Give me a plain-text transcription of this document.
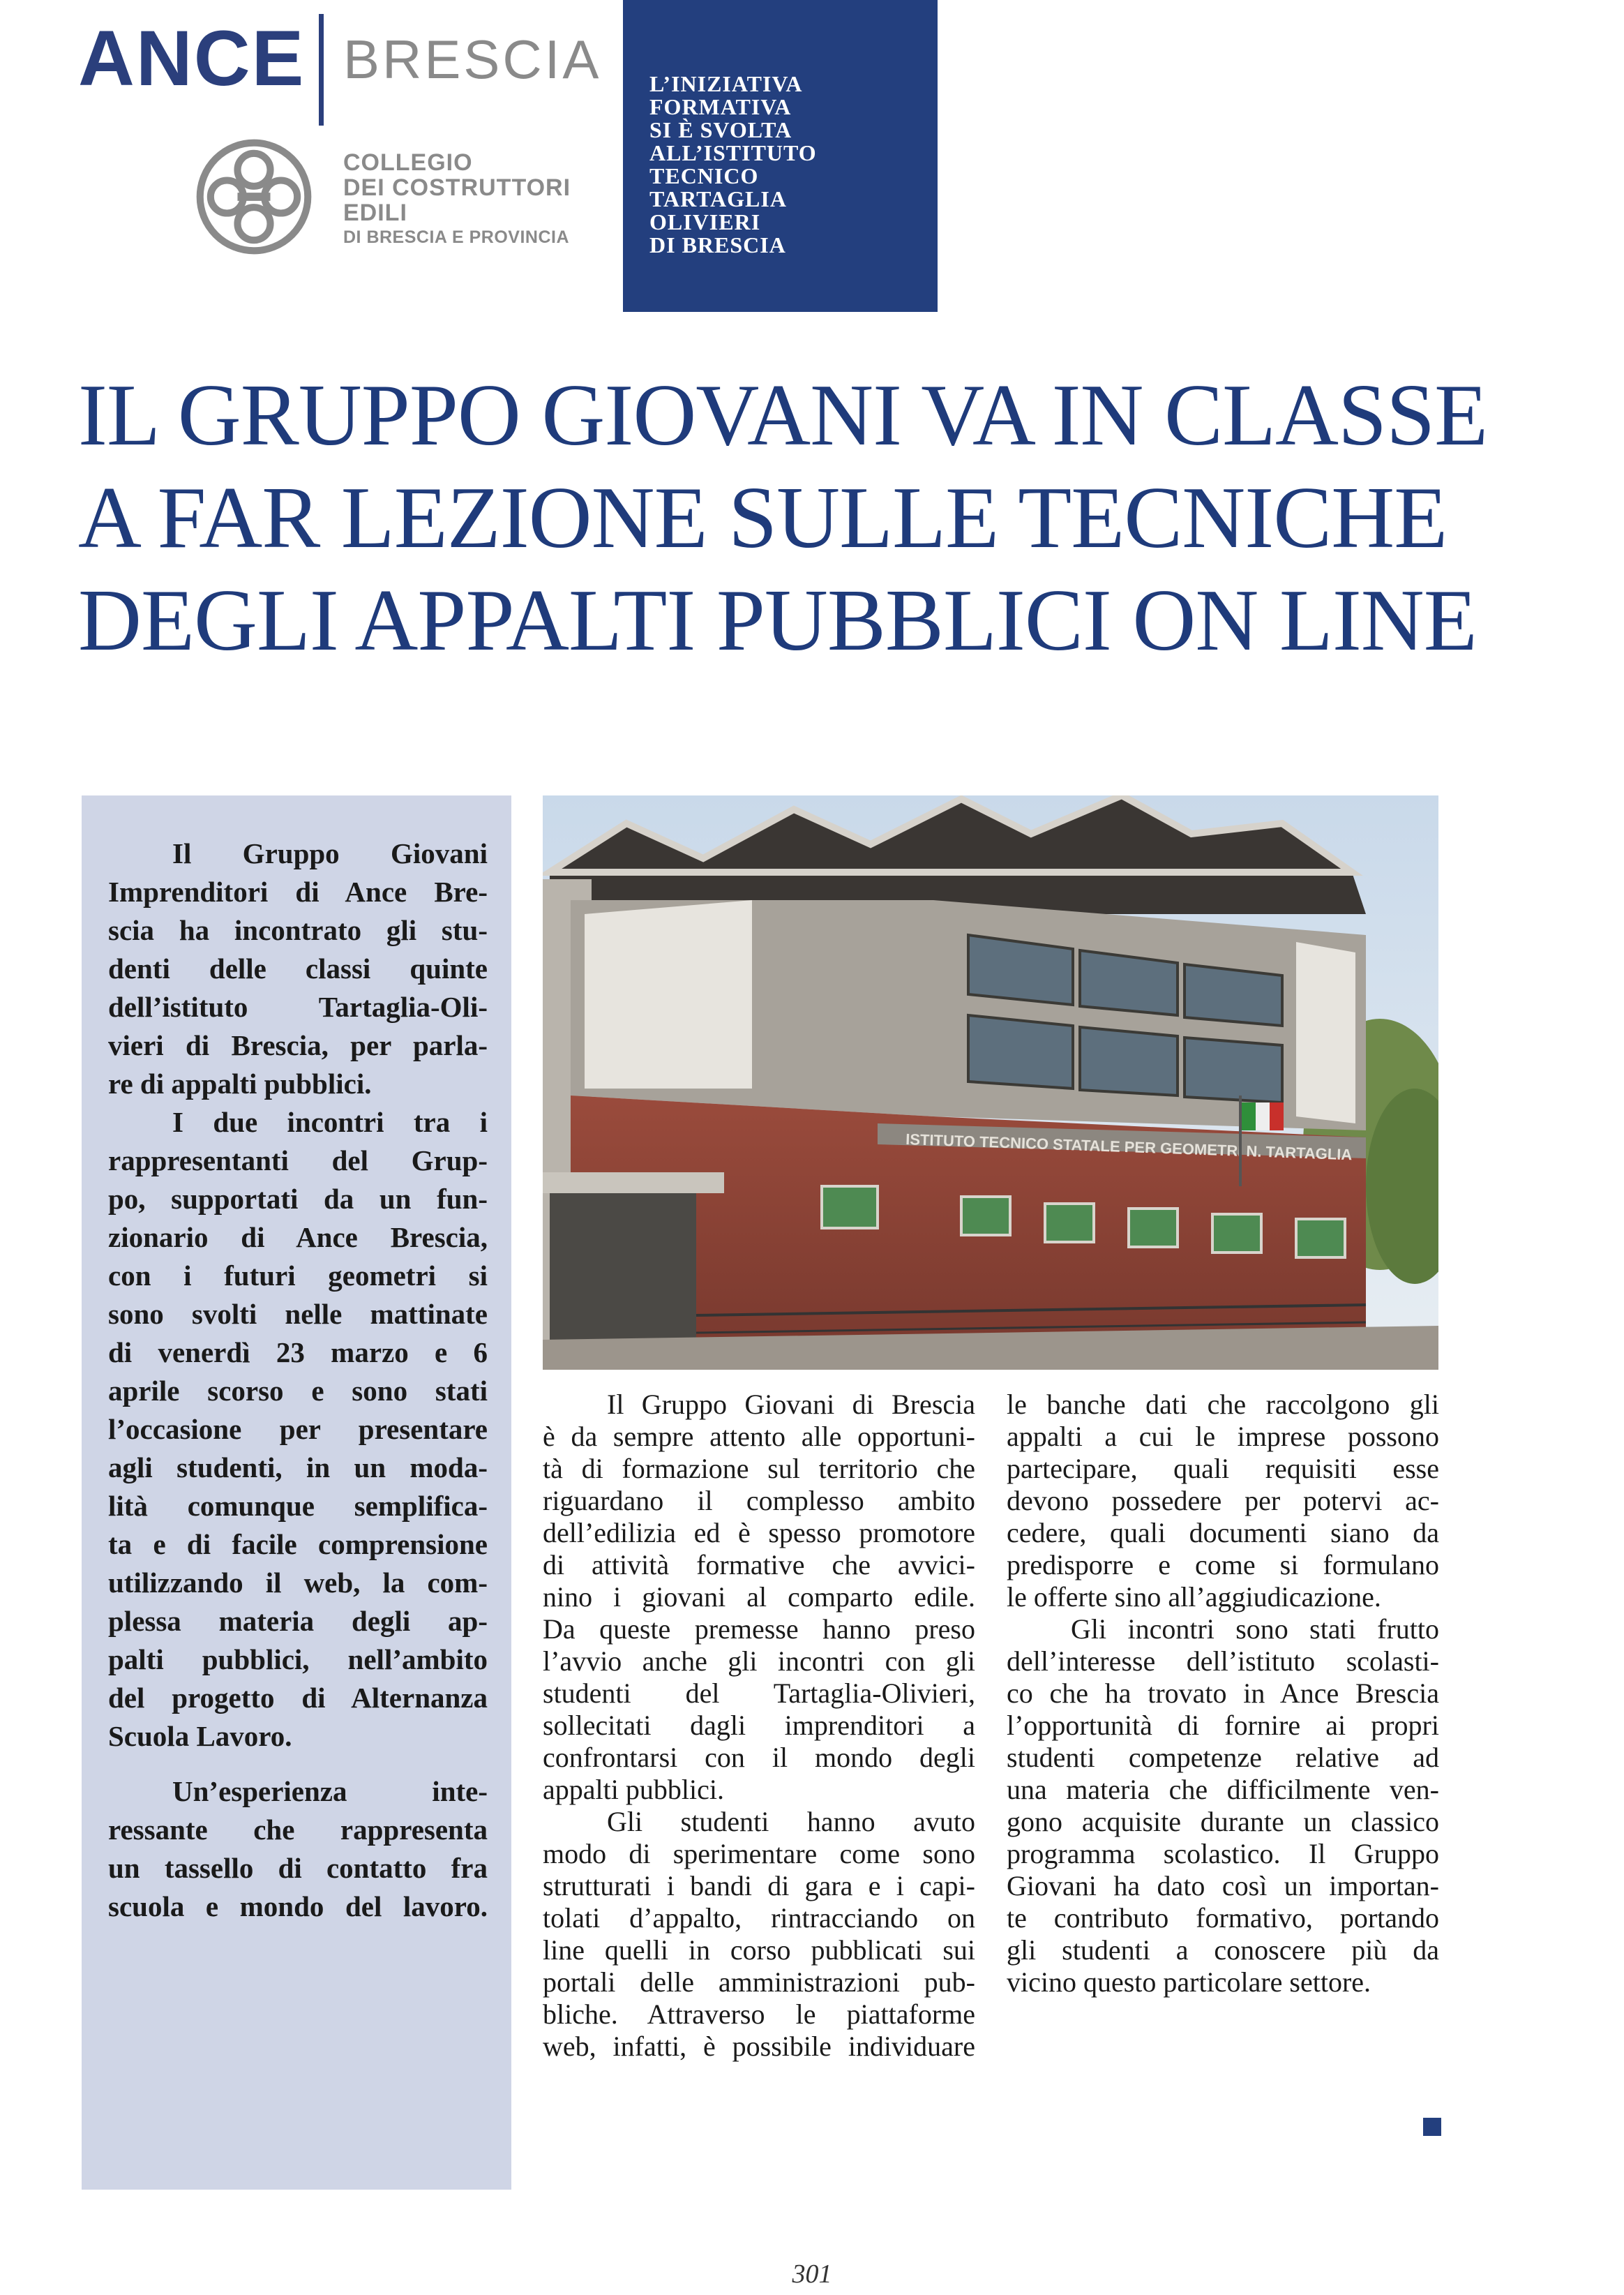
ANCE BRESCIA
COLLEGIO
DEI COSTRUTTORI
EDILI
DI BRESCIA E PROVINCIA
L’INIZIATIVA
FORMATIVA
SI È SVOLTA
ALL’ISTITUTO
TECNICO
TARTAGLIA
OLIVIERI
DI BRESCIA
IL GRUPPO GIOVANI VA IN CLASSE
A FAR LEZIONE SULLE TECNICHE
DEGLI APPALTI PUBBLICI ON LINE
Il Gruppo Giovani
Imprenditori di Ance Bre-
scia ha incontrato gli stu-
denti delle classi quinte
dell’istituto Tartaglia-Oli-
vieri di Brescia, per parla-
re di appalti pubblici.
I due incontri tra i
rappresentanti del Grup-
po, supportati da un fun-
zionario di Ance Brescia,
con i futuri geometri si
sono svolti nelle mattinate
di venerdì 23 marzo e 6
aprile scorso e sono stati
l’occasione per presentare
agli studenti, in un moda-
lità comunque semplifica-
ta e di facile comprensione
utilizzando il web, la com-
plessa materia degli ap-
palti pubblici, nell’ambito
del progetto di Alternanza
Scuola Lavoro.
Un’esperienza inte-
ressante che rappresenta
un tassello di contatto fra
scuola e mondo del lavoro.
ISTITUTO TECNICO STATALE PER GEOMETRI N. TARTAGLIA
Il Gruppo Giovani di Brescia
è da sempre attento alle opportuni-
tà di formazione sul territorio che
riguardano il complesso ambito
dell’edilizia ed è spesso promotore
di attività formative che avvici-
nino i giovani al comparto edile.
Da queste premesse hanno preso
l’avvio anche gli incontri con gli
studenti del Tartaglia-Olivieri,
sollecitati dagli imprenditori a
confrontarsi con il mondo degli
appalti pubblici.
Gli studenti hanno avuto
modo di sperimentare come sono
strutturati i bandi di gara e i capi-
tolati d’appalto, rintracciando on
line quelli in corso pubblicati sui
portali delle amministrazioni pub-
bliche. Attraverso le piattaforme
web, infatti, è possibile individuare
le banche dati che raccolgono gli
appalti a cui le imprese possono
partecipare, quali requisiti esse
devono possedere per potervi ac-
cedere, quali documenti siano da
predisporre e come si formulano
le offerte sino all’aggiudicazione.
Gli incontri sono stati frutto
dell’interesse dell’istituto scolasti-
co che ha trovato in Ance Brescia
l’opportunità di fornire ai propri
studenti competenze relative ad
una materia che difficilmente ven-
gono acquisite durante un classico
programma scolastico. Il Gruppo
Giovani ha dato così un importan-
te contributo formativo, portando
gli studenti a conoscere più da
vicino questo particolare settore.
301
